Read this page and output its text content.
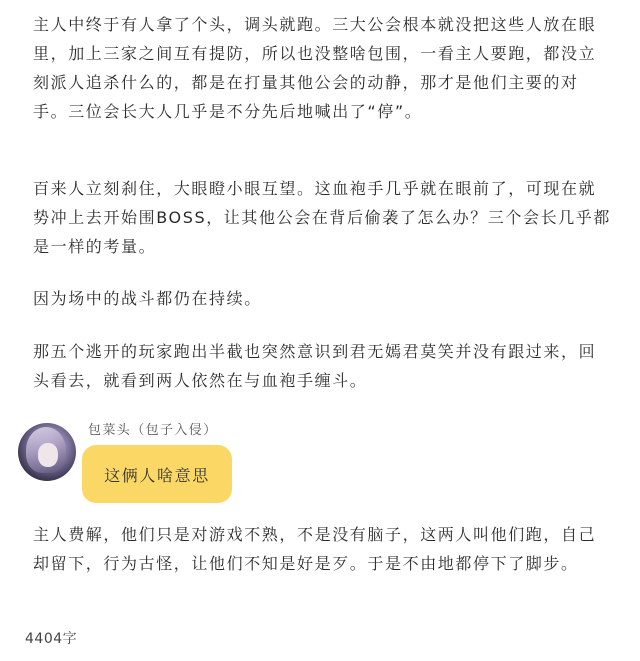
主人中终于有人拿了个头，调头就跑。三大公会根本就没把这些人放在眼里，加上三家之间互有提防，所以也没整啥包围，一看主人要跑，都没立刻派人追杀什么的，都是在打量其他公会的动静，那才是他们主要的对手。三位会长大人几乎是不分先后地喊出了“停”。

百来人立刻刹住，大眼瞪小眼互望。这血袍手几乎就在眼前了，可现在就势冲上去开始围BOSS，让其他公会在背后偷袭了怎么办？三个会长几乎都是一样的考量。

因为场中的战斗都仍在持续。

那五个逃开的玩家跑出半截也突然意识到君无嫣君莫笑并没有跟过来，回头看去，就看到两人依然在与血袍手缠斗。

包菜头（包子入侵）
这俩人啥意思

主人费解，他们只是对游戏不熟，不是没有脑子，这两人叫他们跑，自己却留下，行为古怪，让他们不知是好是歹。于是不由地都停下了脚步。

4404字
